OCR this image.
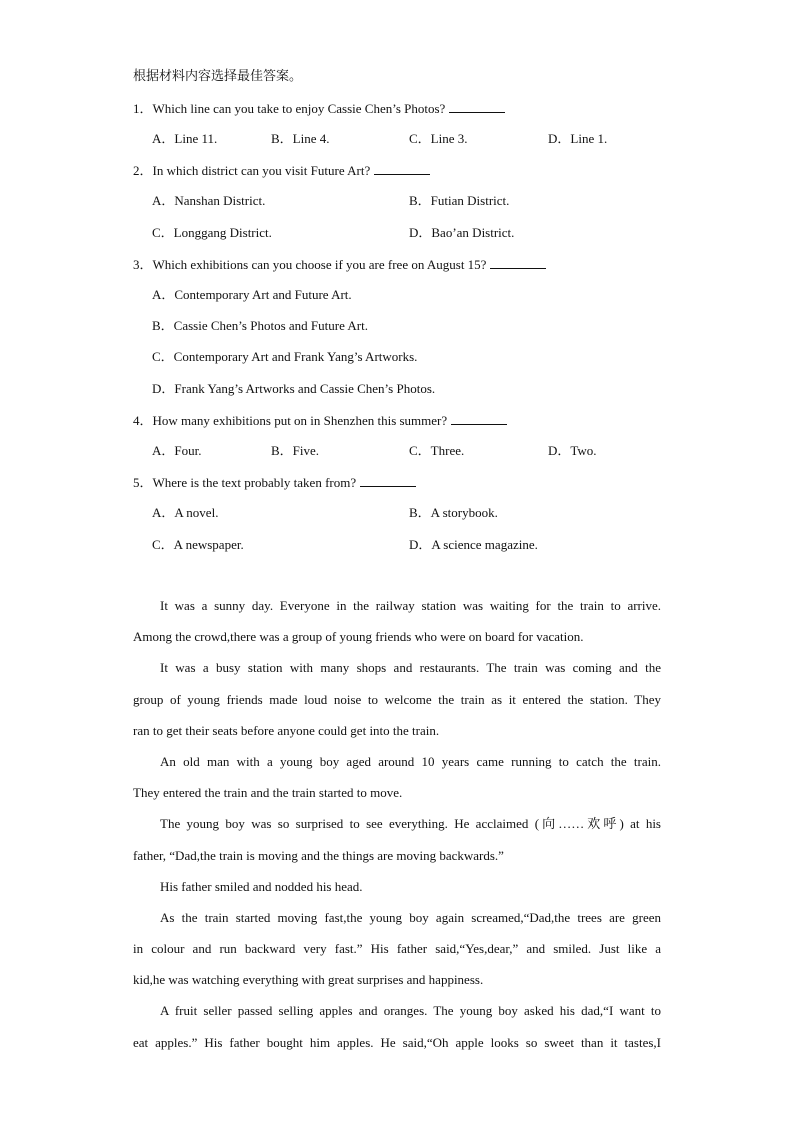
根据材料内容选择最佳答案。
1．Which line can you take to enjoy Cassie Chen’s Photos?
A．Line 11.	B．Line 4.	C．Line 3.	D．Line 1.
2．In which district can you visit Future Art?
A．Nanshan District.	B．Futian District.
C．Longgang District.	D．Bao’an District.
3．Which exhibitions can you choose if you are free on August 15?
A．Contemporary Art and Future Art.
B．Cassie Chen’s Photos and Future Art.
C．Contemporary Art and Frank Yang’s Artworks.
D．Frank Yang’s Artworks and Cassie Chen’s Photos.
4．How many exhibitions put on in Shenzhen this summer?
A．Four.	B．Five.	C．Three.	D．Two.
5．Where is the text probably taken from?
A．A novel.	B．A storybook.
C．A newspaper.	D．A science magazine.
It was a sunny day. Everyone in the railway station was waiting for the train to arrive.
Among the crowd,there was a group of young friends who were on board for vacation.
It was a busy station with many shops and restaurants. The train was coming and the
group of young friends made loud noise to welcome the train as it entered the station. They
ran to get their seats before anyone could get into the train.
An old man with a young boy aged around 10 years came running to catch the train.
They entered the train and the train started to move.
The young boy was so surprised to see everything. He acclaimed (向……欢呼) at his
father, “Dad,the train is moving and the things are moving backwards.”
His father smiled and nodded his head.
As the train started moving fast,the young boy again screamed,“Dad,the trees are green
in colour and run backward very fast.” His father said,“Yes,dear,” and smiled. Just like a
kid,he was watching everything with great surprises and happiness.
A fruit seller passed selling apples and oranges. The young boy asked his dad,“I want to
eat apples.” His father bought him apples. He said,“Oh apple looks so sweet than it tastes,I
